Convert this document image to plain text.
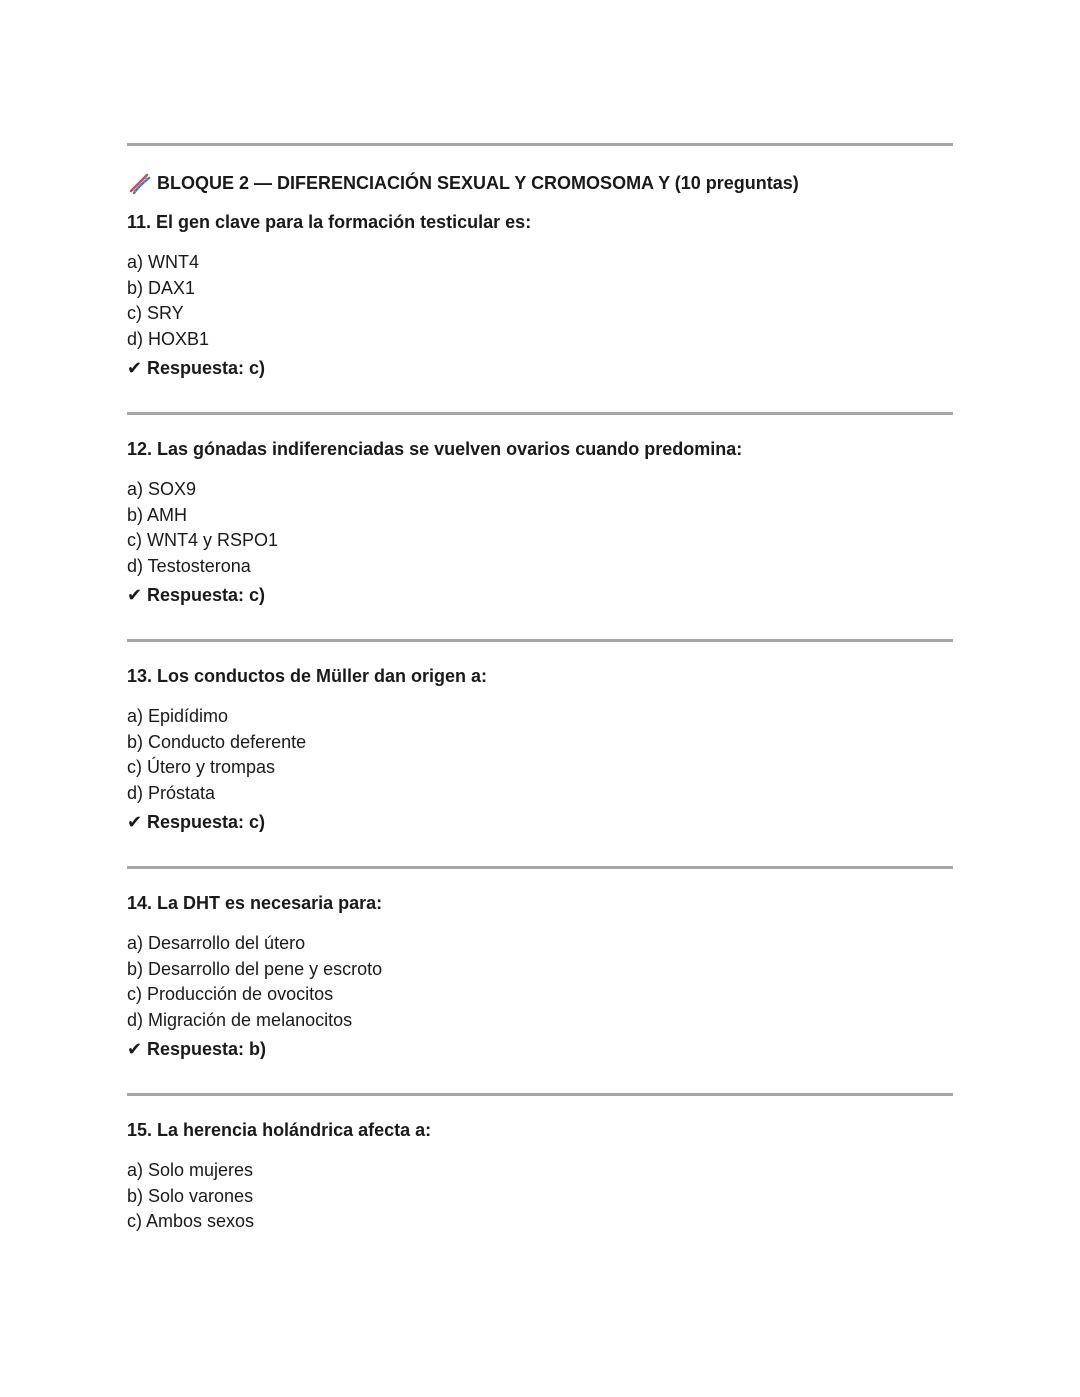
BLOQUE 2 — DIFERENCIACIÓN SEXUAL Y CROMOSOMA Y (10 preguntas)
11. El gen clave para la formación testicular es:
a) WNT4
b) DAX1
c) SRY
d) HOXB1
✔ Respuesta: c)
12. Las gónadas indiferenciadas se vuelven ovarios cuando predomina:
a) SOX9
b) AMH
c) WNT4 y RSPO1
d) Testosterona
✔ Respuesta: c)
13. Los conductos de Müller dan origen a:
a) Epidídimo
b) Conducto deferente
c) Útero y trompas
d) Próstata
✔ Respuesta: c)
14. La DHT es necesaria para:
a) Desarrollo del útero
b) Desarrollo del pene y escroto
c) Producción de ovocitos
d) Migración de melanocitos
✔ Respuesta: b)
15. La herencia holándrica afecta a:
a) Solo mujeres
b) Solo varones
c) Ambos sexos
